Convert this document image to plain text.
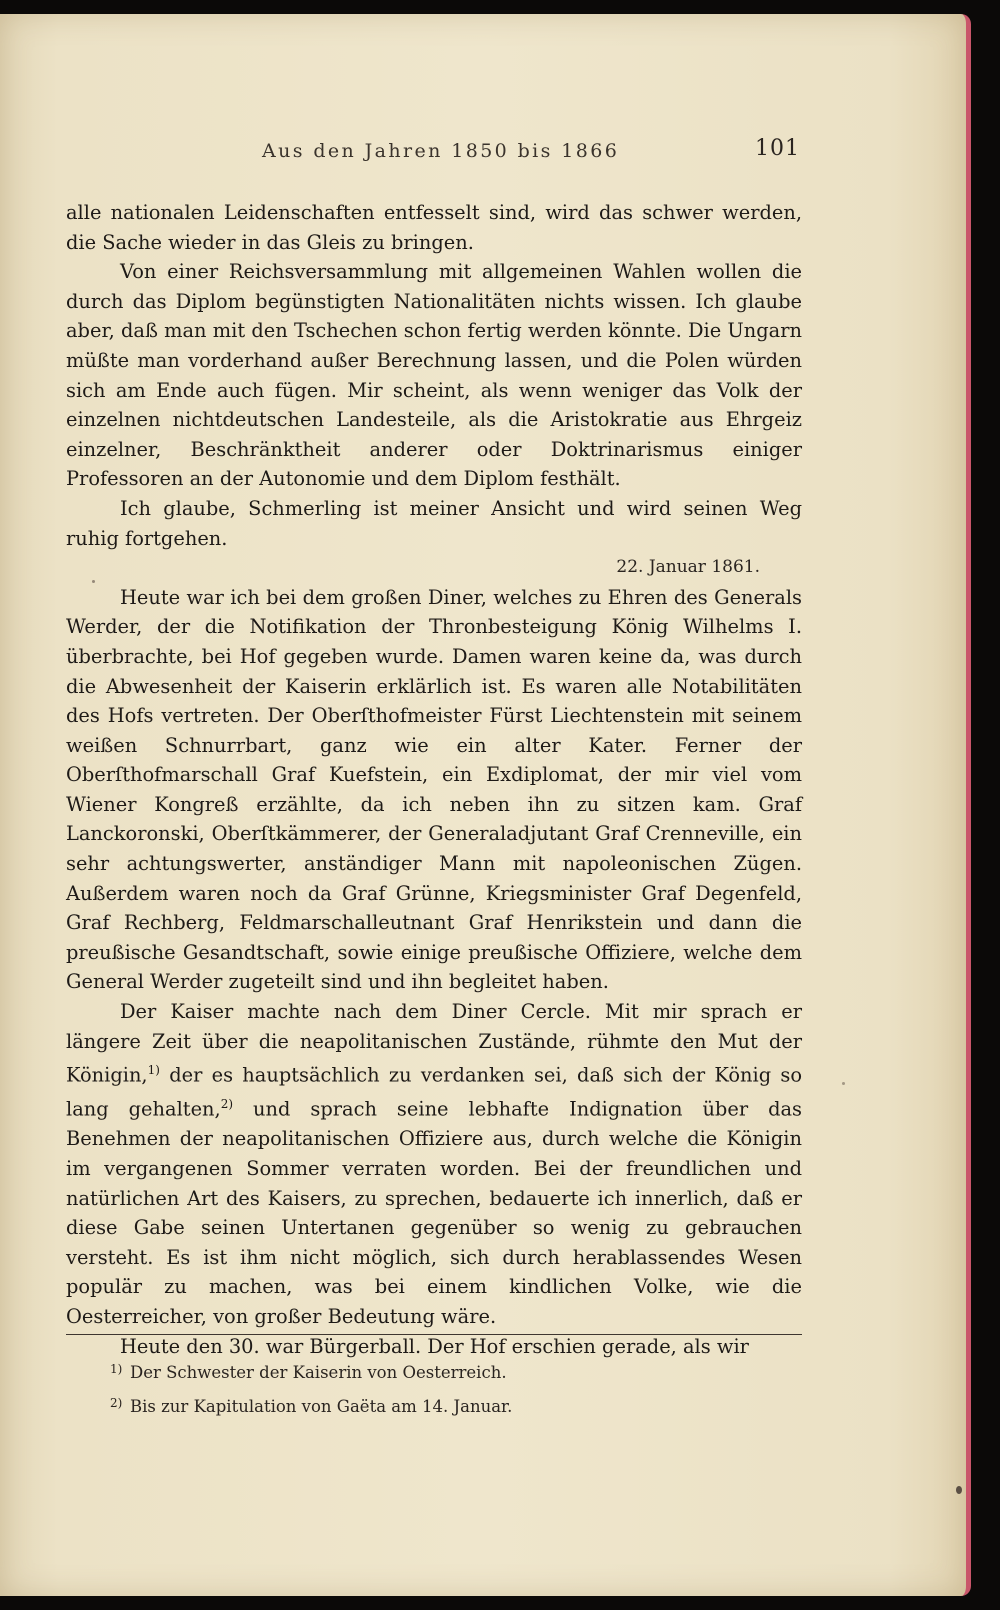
Aus den Jahren 1850 bis 1866	101

alle nationalen Leidenschaften entfesselt sind, wird das schwer werden, die Sache wieder in das Gleis zu bringen.

Von einer Reichsversammlung mit allgemeinen Wahlen wollen die durch das Diplom begünstigten Nationalitäten nichts wissen. Ich glaube aber, daß man mit den Tschechen schon fertig werden könnte. Die Ungarn müßte man vorderhand außer Berechnung lassen, und die Polen würden sich am Ende auch fügen. Mir scheint, als wenn weniger das Volk der einzelnen nichtdeutschen Landesteile, als die Aristokratie aus Ehrgeiz einzelner, Beschränktheit anderer oder Doktrinarismus einiger Professoren an der Autonomie und dem Diplom festhält.

Ich glaube, Schmerling ist meiner Ansicht und wird seinen Weg ruhig fortgehen.

22. Januar 1861.

Heute war ich bei dem großen Diner, welches zu Ehren des Generals Werder, der die Notifikation der Thronbesteigung König Wilhelms I. überbrachte, bei Hof gegeben wurde. Damen waren keine da, was durch die Abwesenheit der Kaiserin erklärlich ist. Es waren alle Notabilitäten des Hofs vertreten. Der Oberſthofmeister Fürst Liechtenstein mit seinem weißen Schnurrbart, ganz wie ein alter Kater. Ferner der Oberſthofmarschall Graf Kuefstein, ein Exdiplomat, der mir viel vom Wiener Kongreß erzählte, da ich neben ihn zu sitzen kam. Graf Lanckoronski, Oberſtkämmerer, der Generaladjutant Graf Crenneville, ein sehr achtungswerter, anständiger Mann mit napoleonischen Zügen. Außerdem waren noch da Graf Grünne, Kriegsminister Graf Degenfeld, Graf Rechberg, Feldmarschalleutnant Graf Henrikstein und dann die preußische Gesandtschaft, sowie einige preußische Offiziere, welche dem General Werder zugeteilt sind und ihn begleitet haben.

Der Kaiser machte nach dem Diner Cercle. Mit mir sprach er längere Zeit über die neapolitanischen Zustände, rühmte den Mut der Königin,$^{1)}$ der es hauptsächlich zu verdanken sei, daß sich der König so lang gehalten,$^{2)}$ und sprach seine lebhafte Indignation über das Benehmen der neapolitanischen Offiziere aus, durch welche die Königin im vergangenen Sommer verraten worden. Bei der freundlichen und natürlichen Art des Kaisers, zu sprechen, bedauerte ich innerlich, daß er diese Gabe seinen Untertanen gegenüber so wenig zu gebrauchen versteht. Es ist ihm nicht möglich, sich durch herablassendes Wesen populär zu machen, was bei einem kindlichen Volke, wie die Oesterreicher, von großer Bedeutung wäre.

Heute den 30. war Bürgerball. Der Hof erschien gerade, als wir

1) Der Schwester der Kaiserin von Oesterreich.

2) Bis zur Kapitulation von Gaëta am 14. Januar.
